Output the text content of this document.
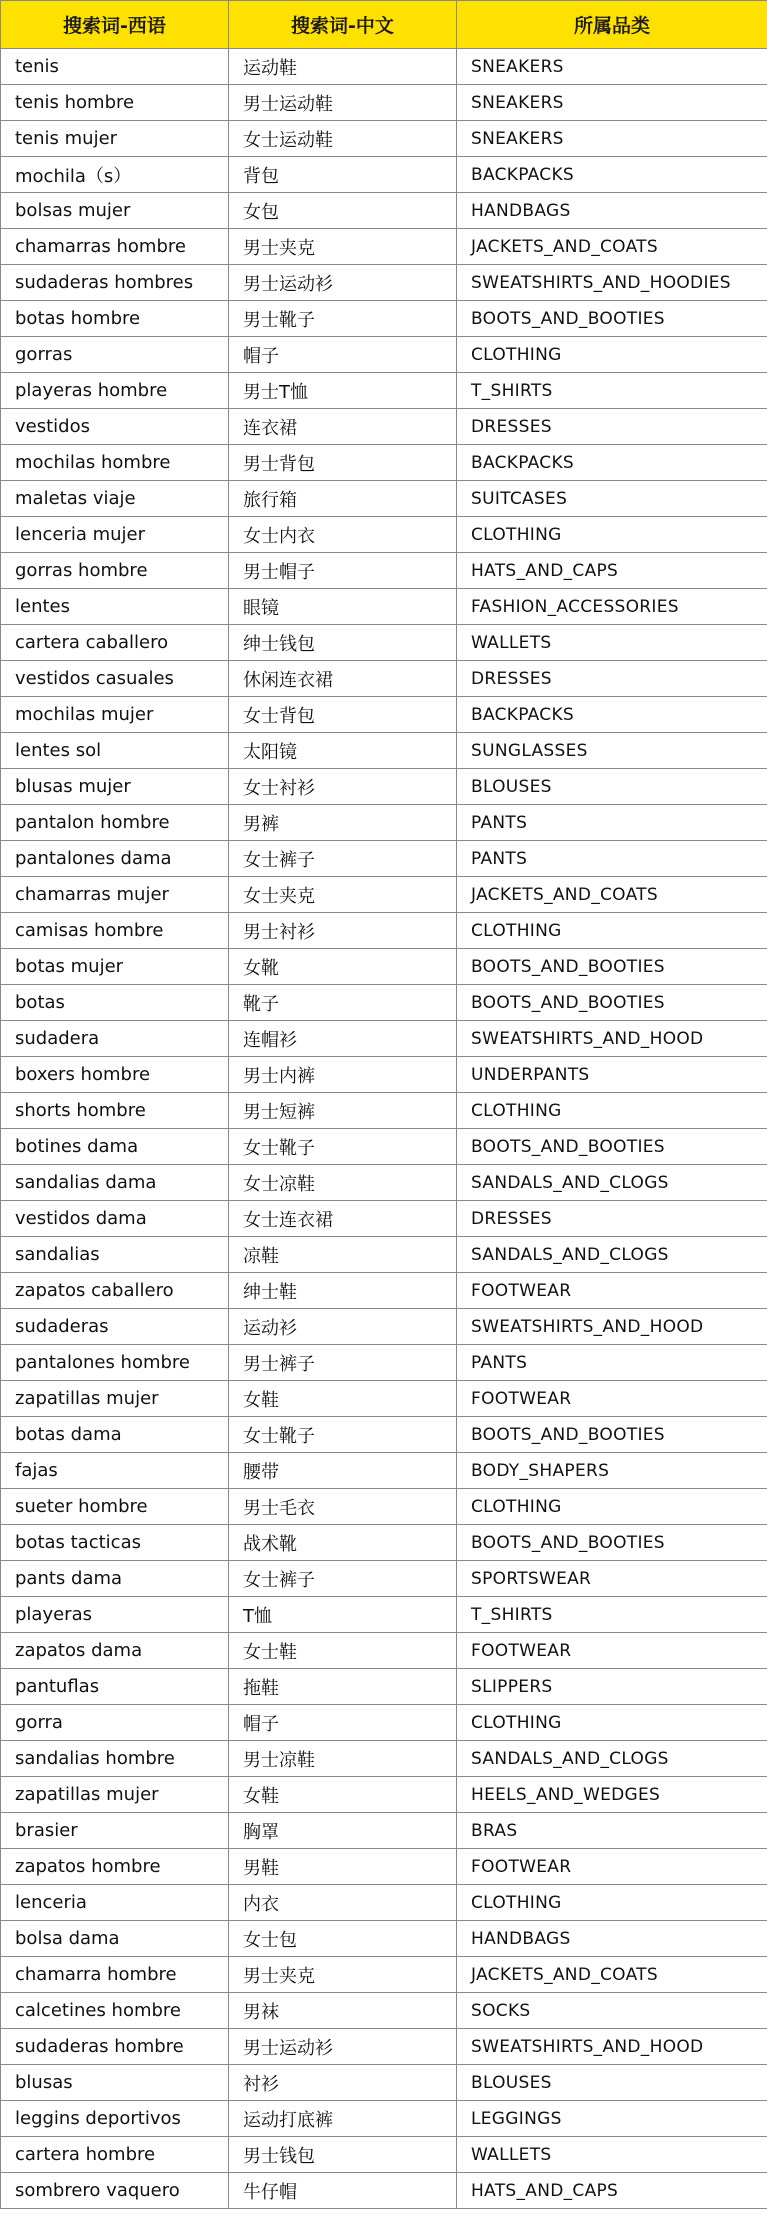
搜索词-西语	搜索词-中文	所属品类
tenis	运动鞋	SNEAKERS
tenis hombre	男士运动鞋	SNEAKERS
tenis mujer	女士运动鞋	SNEAKERS
mochila（s）	背包	BACKPACKS
bolsas mujer	女包	HANDBAGS
chamarras hombre	男士夹克	JACKETS_AND_COATS
sudaderas hombres	男士运动衫	SWEATSHIRTS_AND_HOODIES
botas hombre	男士靴子	BOOTS_AND_BOOTIES
gorras	帽子	CLOTHING
playeras hombre	男士T恤	T_SHIRTS
vestidos	连衣裙	DRESSES
mochilas hombre	男士背包	BACKPACKS
maletas viaje	旅行箱	SUITCASES
lenceria mujer	女士内衣	CLOTHING
gorras hombre	男士帽子	HATS_AND_CAPS
lentes	眼镜	FASHION_ACCESSORIES
cartera caballero	绅士钱包	WALLETS
vestidos casuales	休闲连衣裙	DRESSES
mochilas mujer	女士背包	BACKPACKS
lentes sol	太阳镜	SUNGLASSES
blusas mujer	女士衬衫	BLOUSES
pantalon hombre	男裤	PANTS
pantalones dama	女士裤子	PANTS
chamarras mujer	女士夹克	JACKETS_AND_COATS
camisas hombre	男士衬衫	CLOTHING
botas mujer	女靴	BOOTS_AND_BOOTIES
botas	靴子	BOOTS_AND_BOOTIES
sudadera	连帽衫	SWEATSHIRTS_AND_HOOD
boxers hombre	男士内裤	UNDERPANTS
shorts hombre	男士短裤	CLOTHING
botines dama	女士靴子	BOOTS_AND_BOOTIES
sandalias dama	女士凉鞋	SANDALS_AND_CLOGS
vestidos dama	女士连衣裙	DRESSES
sandalias	凉鞋	SANDALS_AND_CLOGS
zapatos caballero	绅士鞋	FOOTWEAR
sudaderas	运动衫	SWEATSHIRTS_AND_HOOD
pantalones hombre	男士裤子	PANTS
zapatillas mujer	女鞋	FOOTWEAR
botas dama	女士靴子	BOOTS_AND_BOOTIES
fajas	腰带	BODY_SHAPERS
sueter hombre	男士毛衣	CLOTHING
botas tacticas	战术靴	BOOTS_AND_BOOTIES
pants dama	女士裤子	SPORTSWEAR
playeras	T恤	T_SHIRTS
zapatos dama	女士鞋	FOOTWEAR
pantuflas	拖鞋	SLIPPERS
gorra	帽子	CLOTHING
sandalias hombre	男士凉鞋	SANDALS_AND_CLOGS
zapatillas mujer	女鞋	HEELS_AND_WEDGES
brasier	胸罩	BRAS
zapatos hombre	男鞋	FOOTWEAR
lenceria	内衣	CLOTHING
bolsa dama	女士包	HANDBAGS
chamarra hombre	男士夹克	JACKETS_AND_COATS
calcetines hombre	男袜	SOCKS
sudaderas hombre	男士运动衫	SWEATSHIRTS_AND_HOOD
blusas	衬衫	BLOUSES
leggins deportivos	运动打底裤	LEGGINGS
cartera hombre	男士钱包	WALLETS
sombrero vaquero	牛仔帽	HATS_AND_CAPS
